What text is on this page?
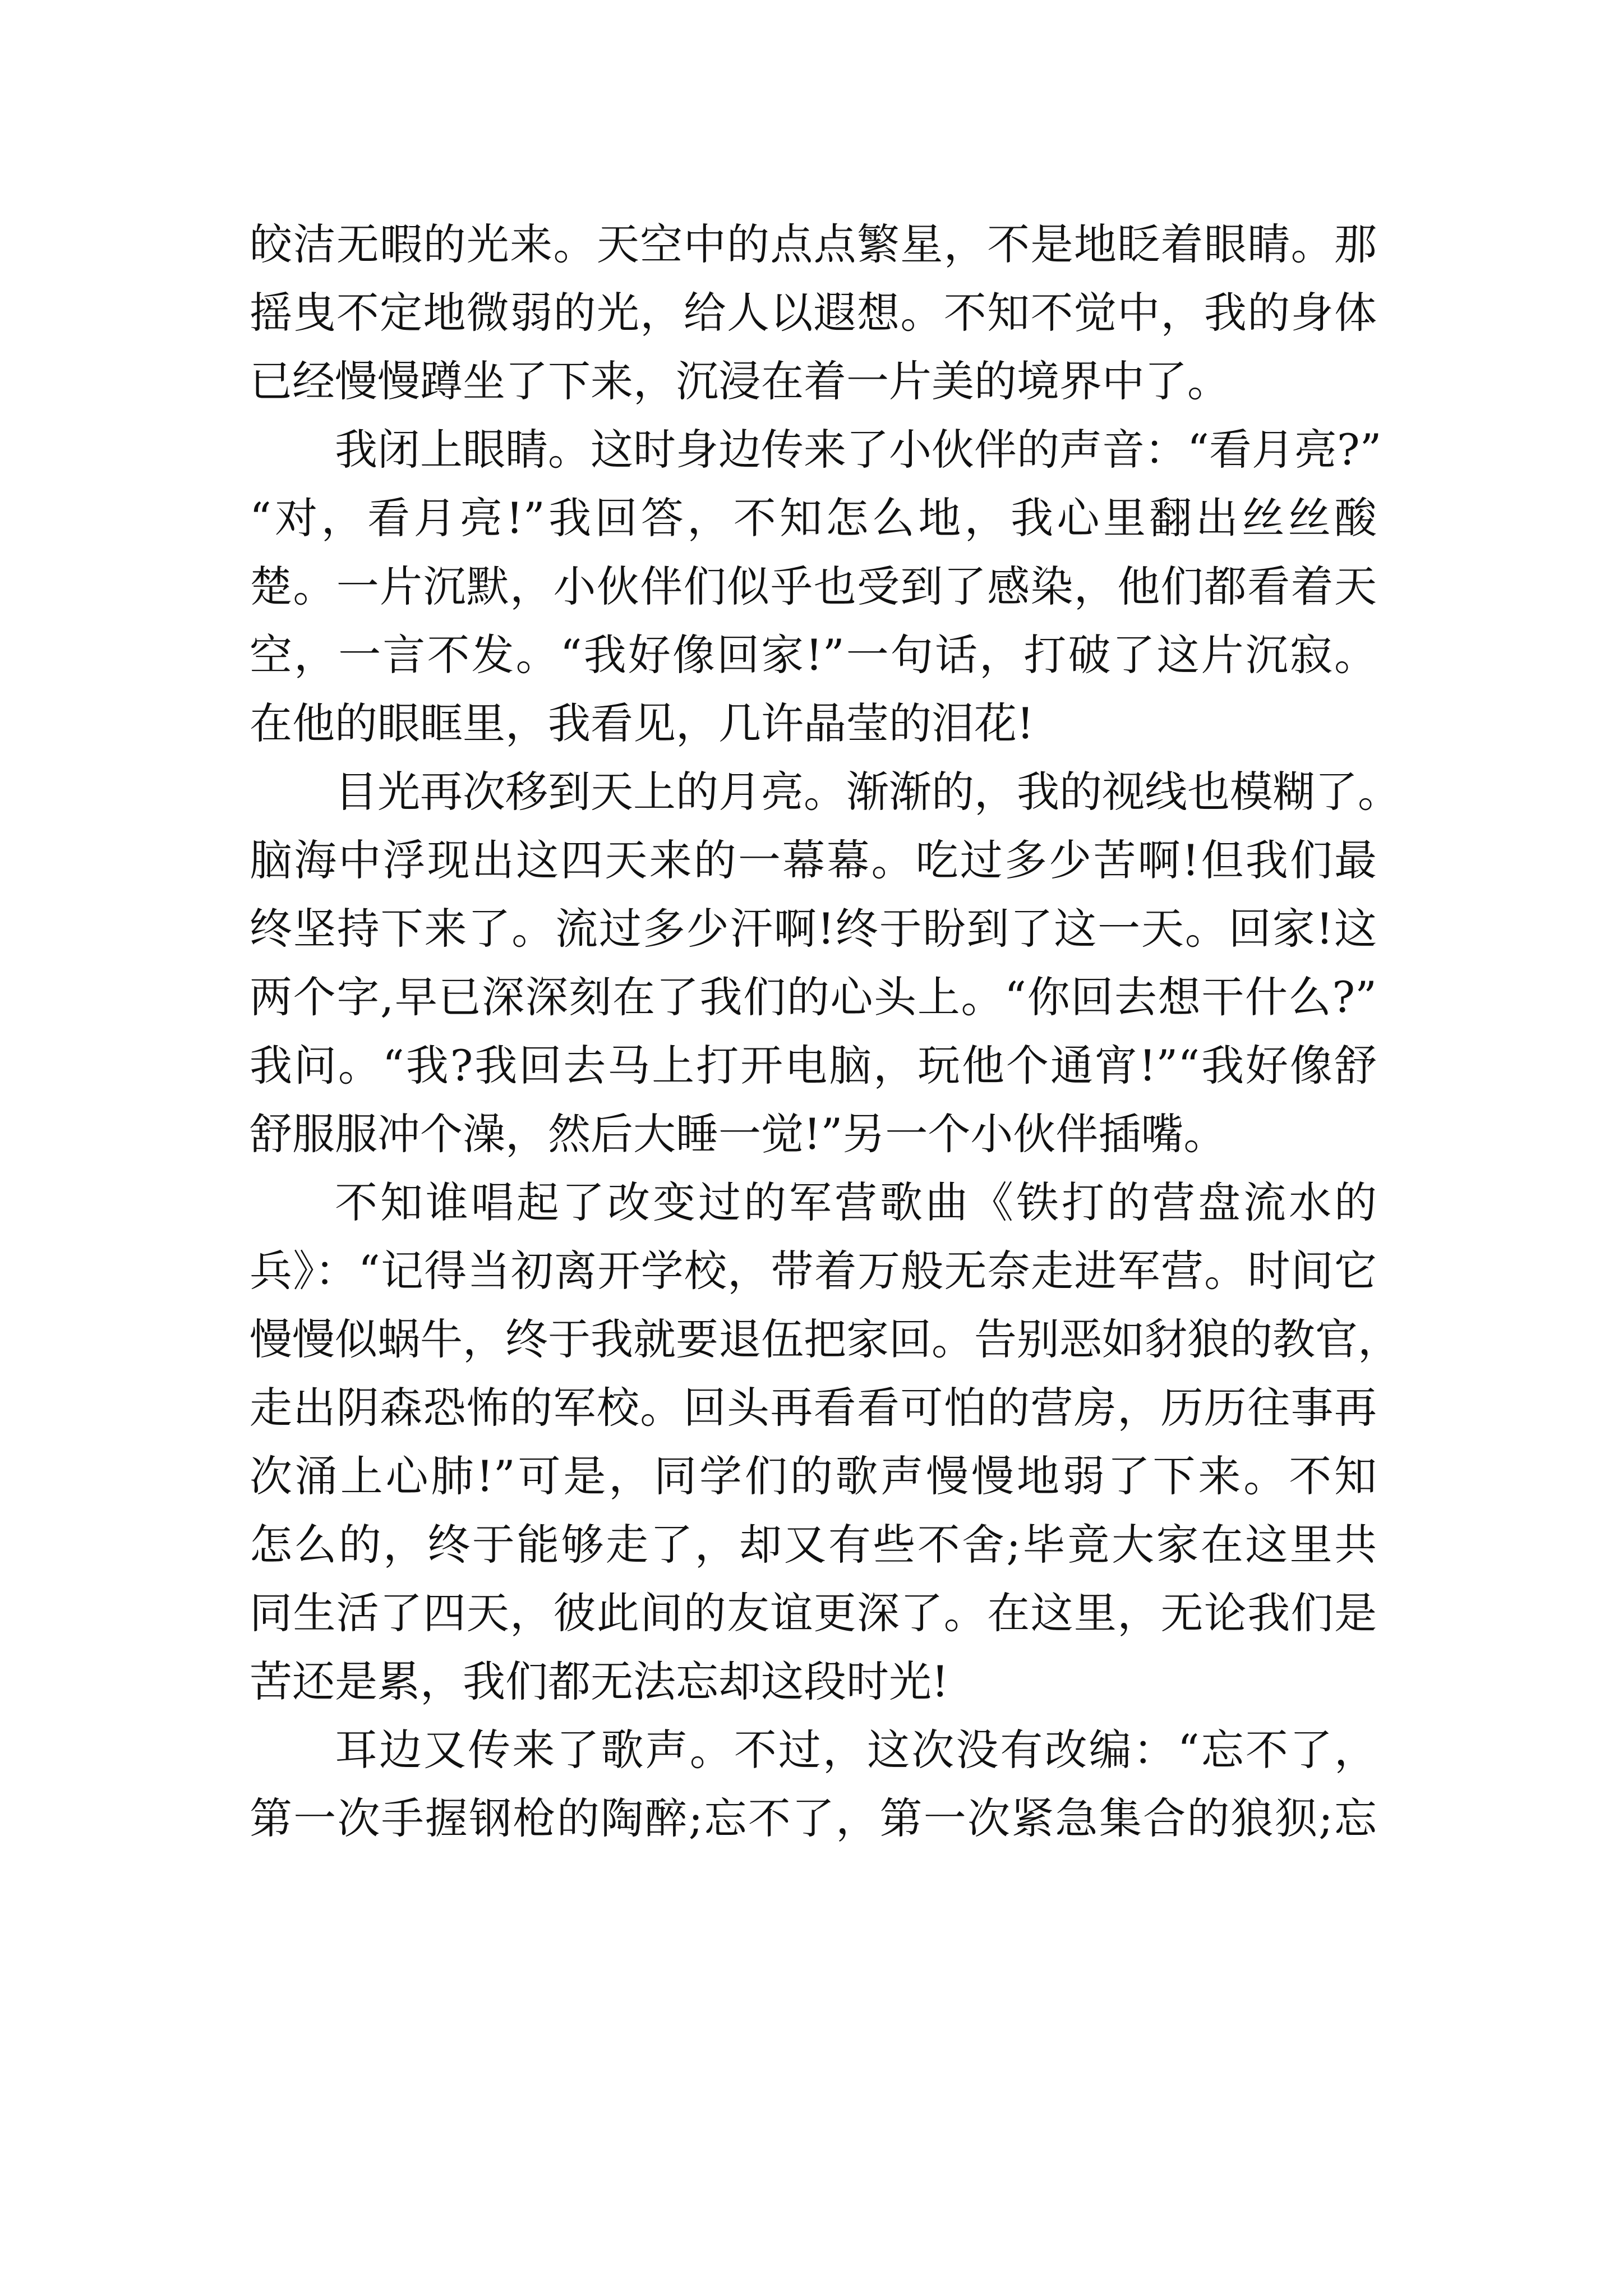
皎洁无暇的光来。天空中的点点繁星，不是地眨着眼睛。那
摇曳不定地微弱的光，给人以遐想。不知不觉中，我的身体
已经慢慢蹲坐了下来，沉浸在着一片美的境界中了。
我闭上眼睛。这时身边传来了小伙伴的声音：“看月亮?”
“对，看月亮!”我回答，不知怎么地，我心里翻出丝丝酸
楚。一片沉默，小伙伴们似乎也受到了感染，他们都看着天
空，一言不发。“我好像回家!”一句话，打破了这片沉寂。
在他的眼眶里，我看见，几许晶莹的泪花!
目光再次移到天上的月亮。渐渐的，我的视线也模糊了。
脑海中浮现出这四天来的一幕幕。吃过多少苦啊!但我们最
终坚持下来了。流过多少汗啊!终于盼到了这一天。回家!这
两个字,早已深深刻在了我们的心头上。“你回去想干什么?”
我问。“我?我回去马上打开电脑，玩他个通宵!”“我好像舒
舒服服冲个澡，然后大睡一觉!”另一个小伙伴插嘴。
不知谁唱起了改变过的军营歌曲《铁打的营盘流水的
兵》：“记得当初离开学校，带着万般无奈走进军营。时间它
慢慢似蜗牛，终于我就要退伍把家回。告别恶如豺狼的教官，
走出阴森恐怖的军校。回头再看看可怕的营房，历历往事再
次涌上心肺!”可是，同学们的歌声慢慢地弱了下来。不知
怎么的，终于能够走了，却又有些不舍;毕竟大家在这里共
同生活了四天，彼此间的友谊更深了。在这里，无论我们是
苦还是累，我们都无法忘却这段时光!
耳边又传来了歌声。不过，这次没有改编：“忘不了，
第一次手握钢枪的陶醉;忘不了，第一次紧急集合的狼狈;忘
